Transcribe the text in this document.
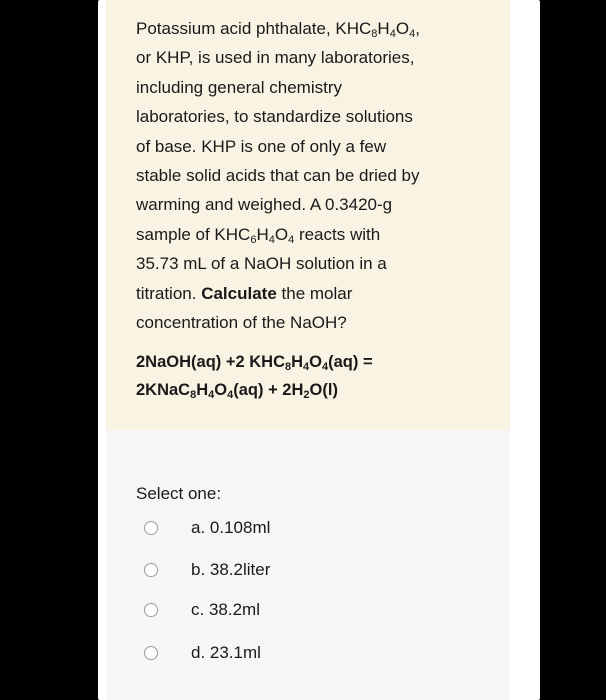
Potassium acid phthalate, $KHC_8H_4O_4$,
or KHP, is used in many laboratories,
including general chemistry
laboratories, to standardize solutions
of base. KHP is one of only a few
stable solid acids that can be dried by
warming and weighed. A 0.3420-g
sample of $KHC_6H_4O_4$ reacts with
35.73 mL of a NaOH solution in a
titration. Calculate the molar
concentration of the NaOH?
2NaOH(aq) +2 $KHC_8H_4O_4(aq)$ =
$2KNaC_8H_4O_4(aq) + 2H_2O(l)$
Select one:
a. 0.108ml
b. 38.2liter
c. 38.2ml
d. 23.1ml
